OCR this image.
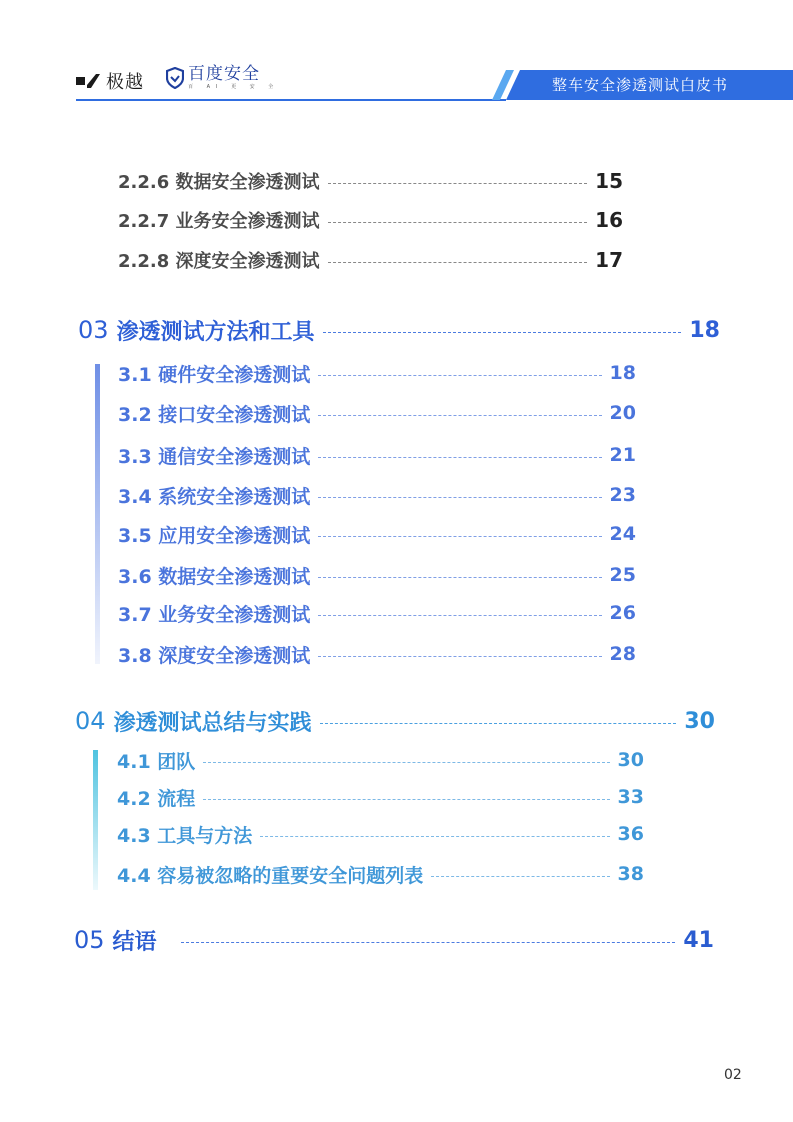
极越	百度安全
百 AI 更 安 全	整车安全渗透测试白皮书
2.2.6 数据安全渗透测试	15
2.2.7 业务安全渗透测试	16
2.2.8 深度安全渗透测试	17
03 渗透测试方法和工具	18
3.1 硬件安全渗透测试	18
3.2 接口安全渗透测试	20
3.3 通信安全渗透测试	21
3.4 系统安全渗透测试	23
3.5 应用安全渗透测试	24
3.6 数据安全渗透测试	25
3.7 业务安全渗透测试	26
3.8 深度安全渗透测试	28
04 渗透测试总结与实践	30
4.1 团队	30
4.2 流程	33
4.3 工具与方法	36
4.4 容易被忽略的重要安全问题列表	38
05 结语	41
02
